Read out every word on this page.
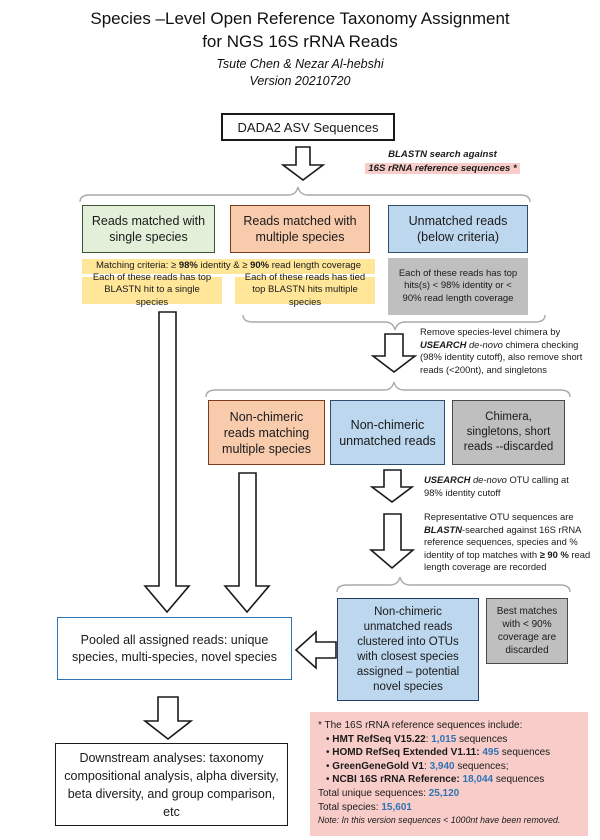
Species –Level Open Reference Taxonomy Assignment
for NGS 16S rRNA Reads
Tsute Chen & Nezar Al-hebshi
Version 20210720
DADA2 ASV Sequences
BLASTN search against
16S rRNA reference sequences *
Reads matched with single species
Reads matched with multiple species
Unmatched reads (below criteria)
Matching criteria: ≥ 98% identity & ≥ 90% read length coverage
Each of these reads has top BLASTN hit to a single species
Each of these reads has tied top BLASTN hits multiple species
Each of these reads has top hits(s) < 98% identity or < 90% read length coverage
Remove species-level chimera by USEARCH de-novo chimera checking (98% identity cutoff), also remove short reads (<200nt), and singletons
Non-chimeric reads matching multiple species
Non-chimeric unmatched reads
Chimera, singletons, short reads --discarded
USEARCH de-novo OTU calling at 98% identity cutoff
Representative OTU sequences are BLASTN-searched against 16S rRNA reference sequences, species and % identity of top matches with ≥ 90 % read length coverage are recorded
Non-chimeric unmatched reads clustered into OTUs with closest species assigned – potential novel species
Best matches with < 90% coverage are discarded
Pooled all assigned reads: unique species, multi-species, novel species
Downstream analyses: taxonomy compositional analysis, alpha diversity, beta diversity, and group comparison, etc
* The 16S rRNA reference sequences include:
• HMT RefSeq V15.22: 1,015 sequences
• HOMD RefSeq Extended V1.11: 495 sequences
• GreenGeneGold V1: 3,940 sequences;
• NCBI 16S rRNA Reference: 18,044 sequences
Total unique sequences: 25,120
Total species: 15,601
Note: In this version sequences < 1000nt have been removed.
